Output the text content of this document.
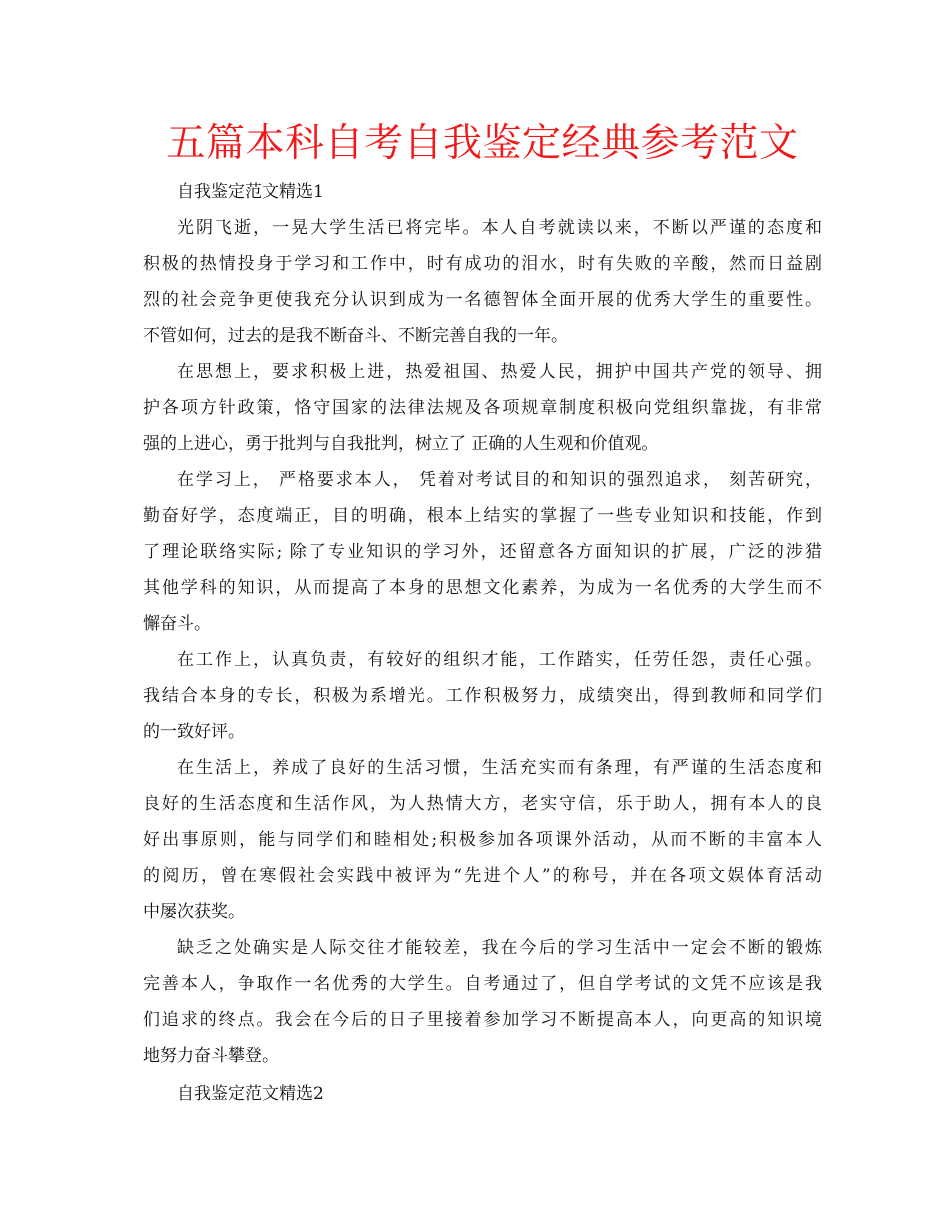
五篇本科自考自我鉴定经典参考范文

自我鉴定范文精选1

光阴飞逝，一晃大学生活已将完毕。本人自考就读以来，不断以严谨的态度和
积极的热情投身于学习和工作中，时有成功的泪水，时有失败的辛酸，然而日益剧
烈的社会竞争更使我充分认识到成为一名德智体全面开展的优秀大学生的重要性。
不管如何，过去的是我不断奋斗、不断完善自我的一年。

在思想上，要求积极上进，热爱祖国、热爱人民，拥护中国共产党的领导、拥
护各项方针政策，恪守国家的法律法规及各项规章制度积极向党组织靠拢，有非常
强的上进心，勇于批判与自我批判，树立了 正确的人生观和价值观。

在学习上， 严格要求本人， 凭着对考试目的和知识的强烈追求， 刻苦研究，
勤奋好学，态度端正，目的明确，根本上结实的掌握了一些专业知识和技能，作到
了理论联络实际; 除了专业知识的学习外，还留意各方面知识的扩展，广泛的涉猎
其他学科的知识，从而提高了本身的思想文化素养，为成为一名优秀的大学生而不
懈奋斗。

在工作上，认真负责，有较好的组织才能，工作踏实，任劳任怨，责任心强。
我结合本身的专长，积极为系增光。工作积极努力，成绩突出，得到教师和同学们
的一致好评。

在生活上，养成了良好的生活习惯，生活充实而有条理，有严谨的生活态度和
良好的生活态度和生活作风，为人热情大方，老实守信，乐于助人，拥有本人的良
好出事原则，能与同学们和睦相处;积极参加各项课外活动，从而不断的丰富本人
的阅历，曾在寒假社会实践中被评为“先进个人”的称号，并在各项文娱体育活动
中屡次获奖。

缺乏之处确实是人际交往才能较差，我在今后的学习生活中一定会不断的锻炼
完善本人，争取作一名优秀的大学生。自考通过了，但自学考试的文凭不应该是我
们追求的终点。我会在今后的日子里接着参加学习不断提高本人，向更高的知识境
地努力奋斗攀登。

自我鉴定范文精选2
